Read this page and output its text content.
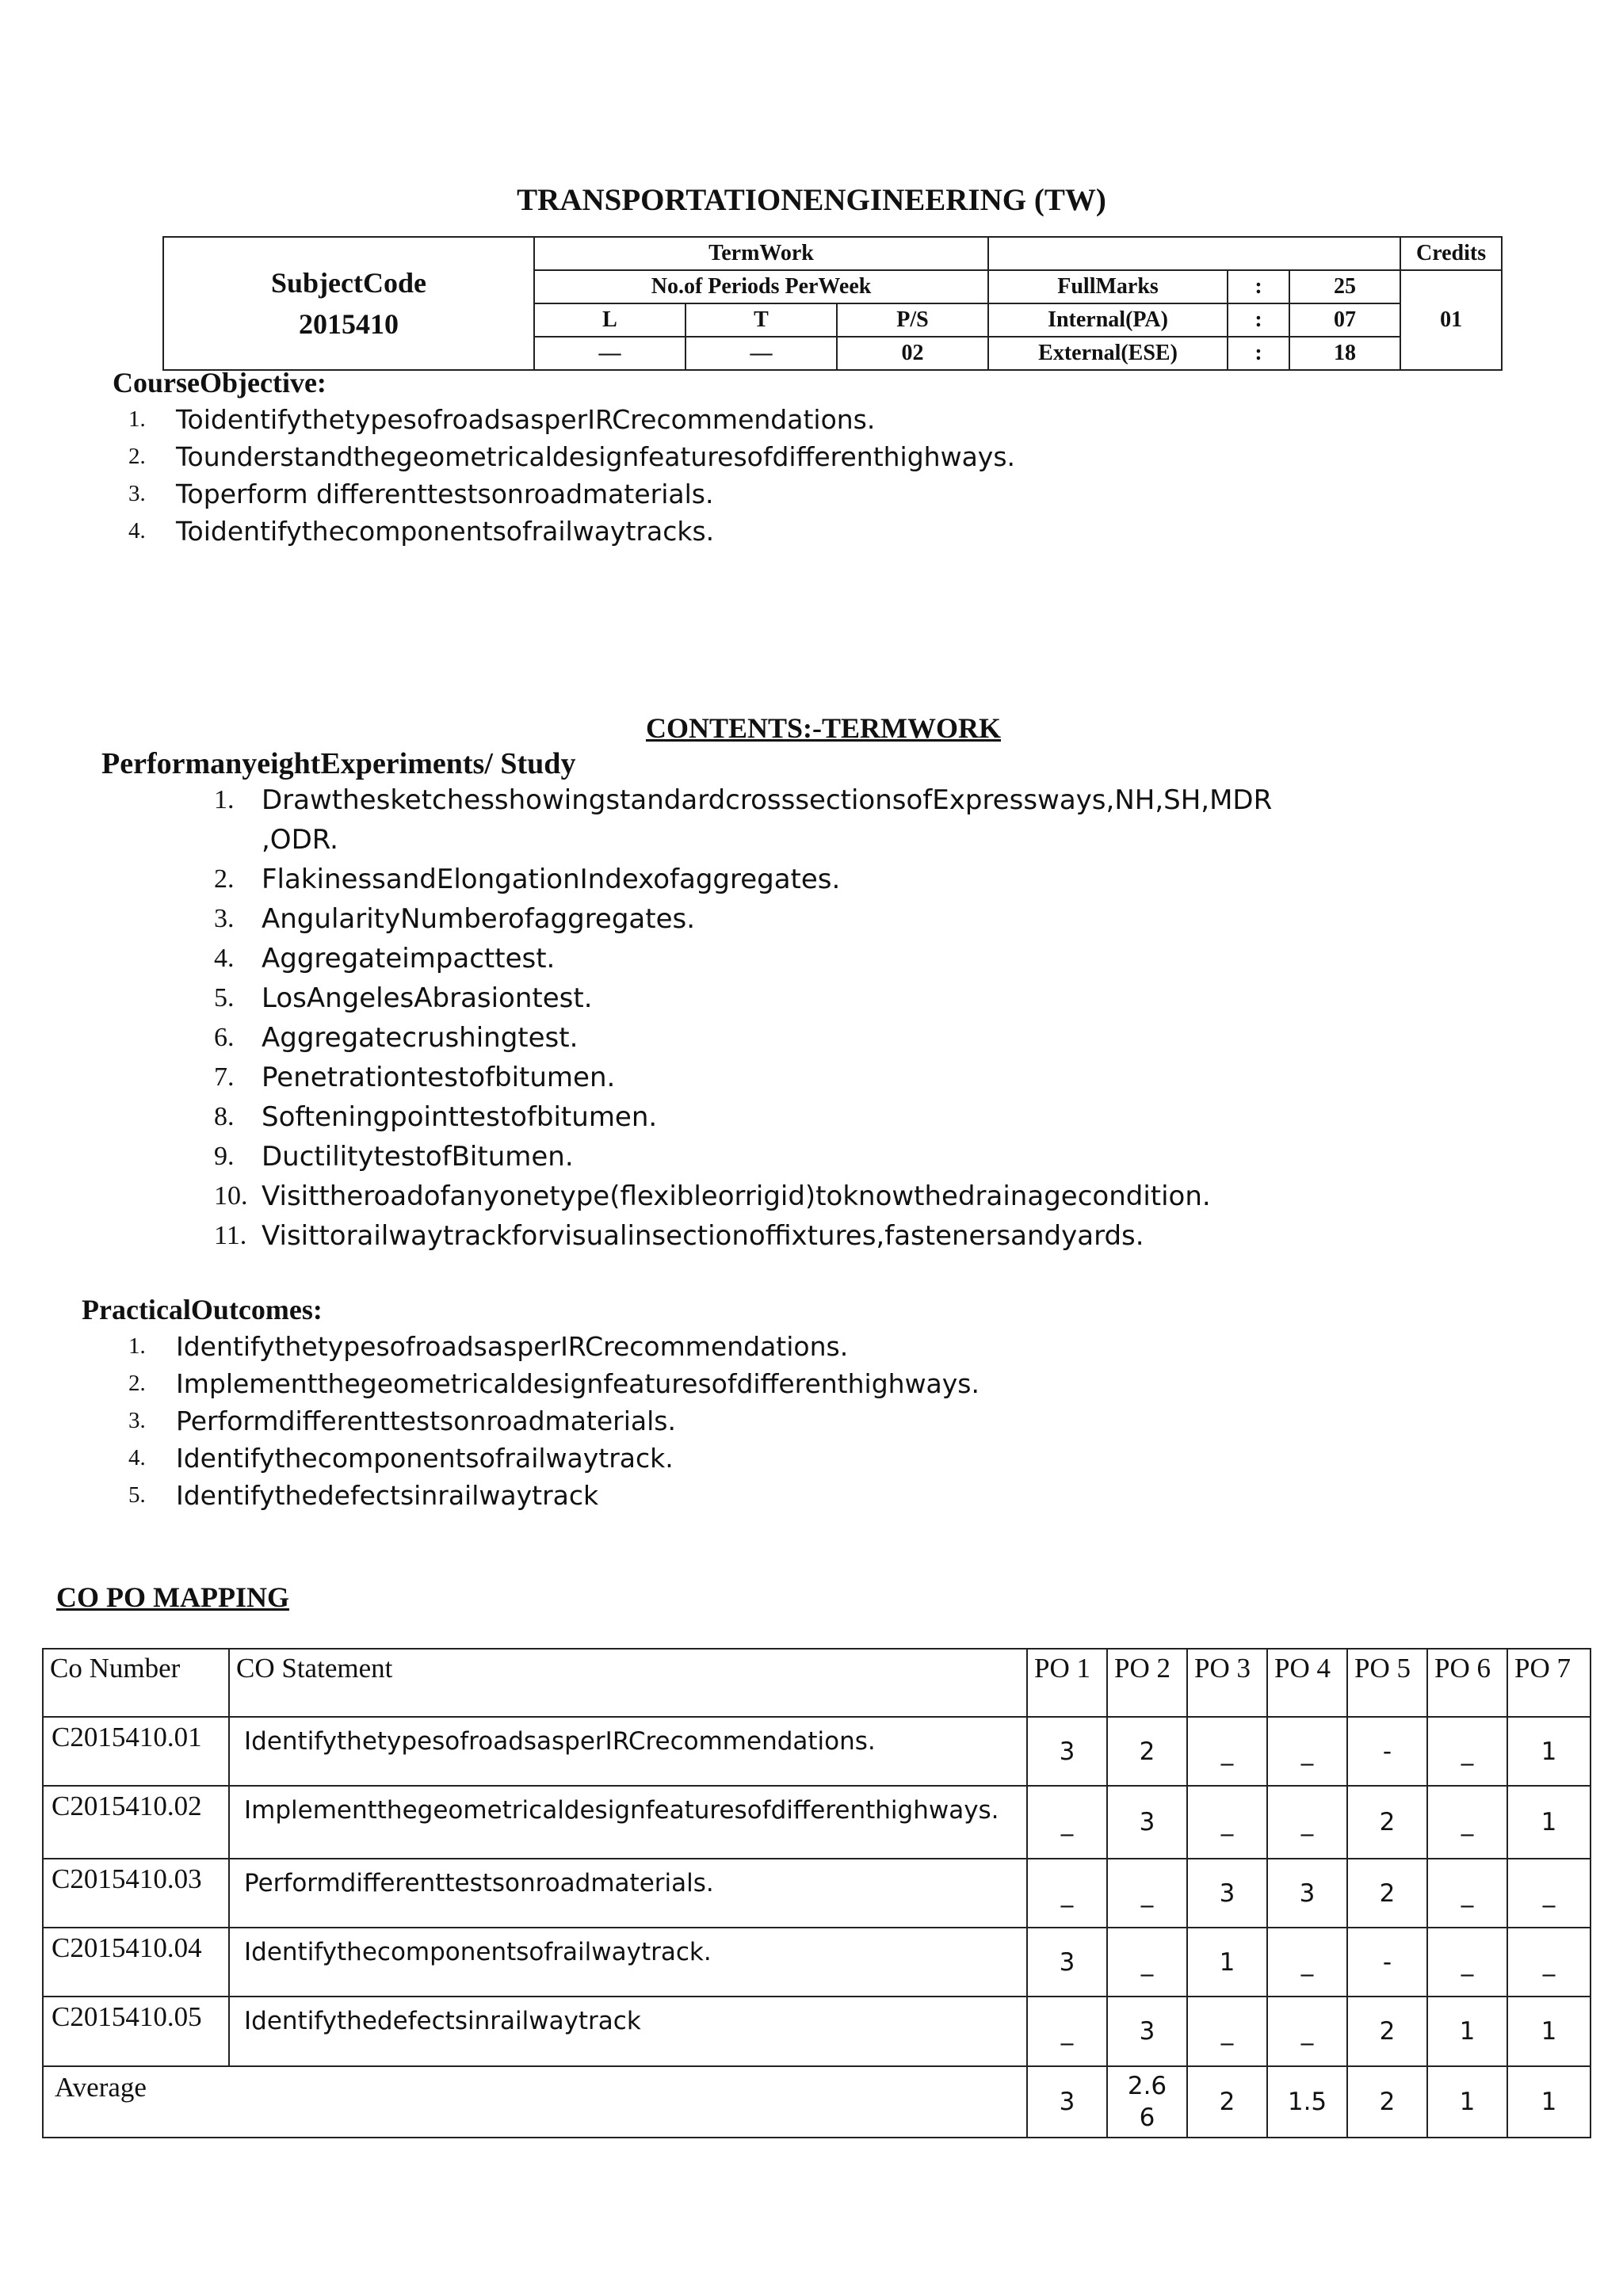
TRANSPORTATIONENGINEERING (TW)
SubjectCode
2015410	TermWork						Credits
	No.of Periods PerWeek			FullMarks	:	25	01
	L	T	P/S	Internal(PA)	:	07	
	—	—	02	External(ESE)	:	18	
CourseObjective:
1.	ToidentifythetypesofroadsasperIRCrecommendations.
2.	Tounderstandthegeometricaldesignfeaturesofdifferenthighways.
3.	Toperform differenttestsonroadmaterials.
4.	Toidentifythecomponentsofrailwaytracks.
CONTENTS:-TERMWORK
PerformanyeightExperiments/ Study
1.	DrawthesketchesshowingstandardcrosssectionsofExpressways,NH,SH,MDR ,ODR.
2.	FlakinessandElongationIndexofaggregates.
3.	AngularityNumberofaggregates.
4.	Aggregateimpacttest.
5.	LosAngelesAbrasiontest.
6.	Aggregatecrushingtest.
7.	Penetrationtestofbitumen.
8.	Softeningpointtestofbitumen.
9.	DuctilitytestofBitumen.
10. Visittheroadofanyonetype(flexibleorrigid)toknowthedrainagecondition.
11. Visittorailwaytrackforvisualinsectionoffixtures,fastenersandyards.
PracticalOutcomes:
1.	IdentifythetypesofroadsasperIRCrecommendations.
2.	Implementthegeometricaldesignfeaturesofdifferenthighways.
3.	Performdifferenttestsonroadmaterials.
4.	Identifythecomponentsofrailwaytrack.
5.	Identifythedefectsinrailwaytrack
CO PO MAPPING
Co Number	CO Statement	PO 1	PO 2	PO 3	PO 4	PO 5	PO 6	PO 7
C2015410.01	IdentifythetypesofroadsasperIRCrecommendations.	3	2	_	_	-	_	1
C2015410.02	Implementthegeometricaldesignfeaturesofdifferenthighways.	_	3	_	_	2	_	1
C2015410.03	Performdifferenttestsonroadmaterials.	_	_	3	3	2	_	_
C2015410.04	Identifythecomponentsofrailwaytrack.	3	_	1	_	-	_	_
C2015410.05	Identifythedefectsinrailwaytrack	_	3	_	_	2	1	1
Average		3	2.66	2	1.5	2	1	1
